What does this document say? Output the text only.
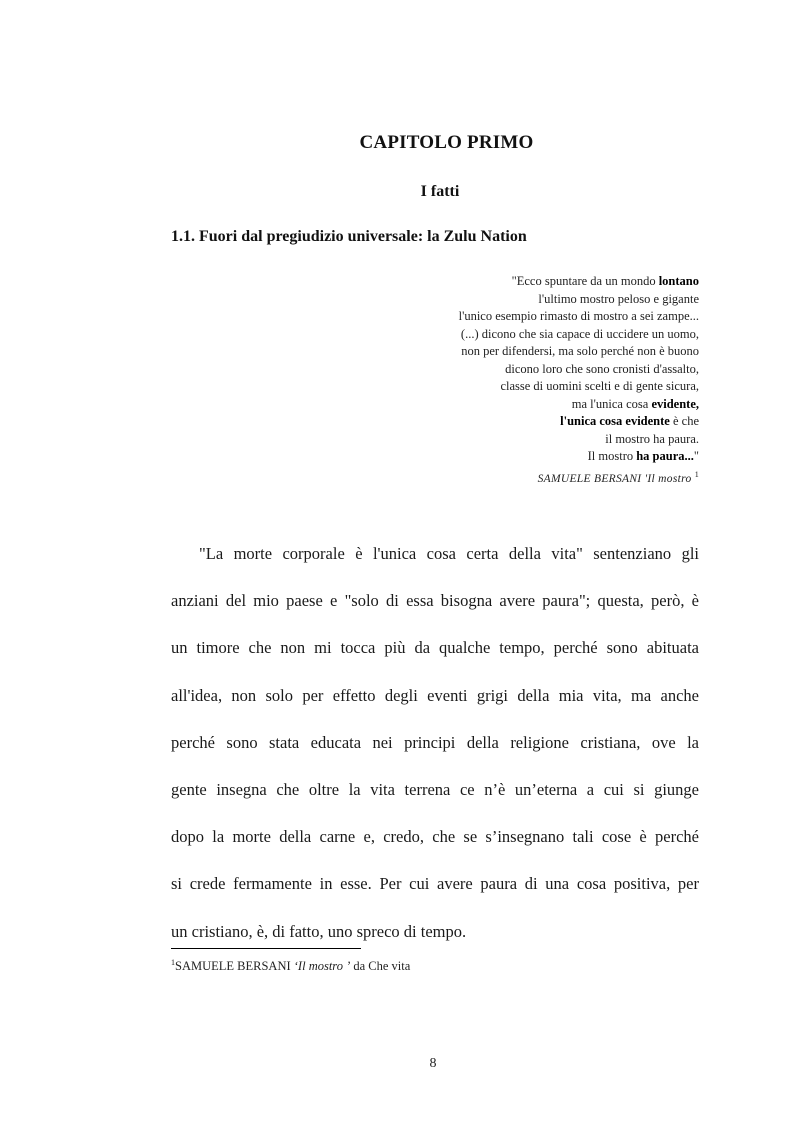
CAPITOLO PRIMO
I fatti
1.1. Fuori dal pregiudizio universale: la Zulu Nation
"Ecco spuntare da un mondo lontano
l'ultimo mostro peloso e gigante
l'unico esempio rimasto di mostro a sei zampe...
(...) dicono che sia capace di uccidere un uomo,
non per difendersi, ma solo perché non è buono
dicono loro che sono cronisti d'assalto,
classe di uomini scelti e di gente sicura,
ma l'unica cosa evidente,
l'unica cosa evidente è che
il mostro ha paura.
Il mostro ha paura..."
SAMUELE BERSANI 'Il mostro $^1$
"La morte corporale è l'unica cosa certa della vita" sentenziano gli
anziani del mio paese e "solo di essa bisogna avere paura"; questa, però, è
un timore che non mi tocca più da qualche tempo, perché sono abituata
all'idea, non solo per effetto degli eventi grigi della mia vita, ma anche
perché sono stata educata nei principi della religione cristiana, ove la
gente insegna che oltre la vita terrena ce n’è un’eterna a cui si giunge
dopo la morte della carne e, credo, che se s’insegnano tali cose è perché
si crede fermamente in esse. Per cui avere paura di una cosa positiva, per
un cristiano, è, di fatto, uno spreco di tempo.
$^1$SAMUELE BERSANI ‘Il mostro ’ da Che vita
8
